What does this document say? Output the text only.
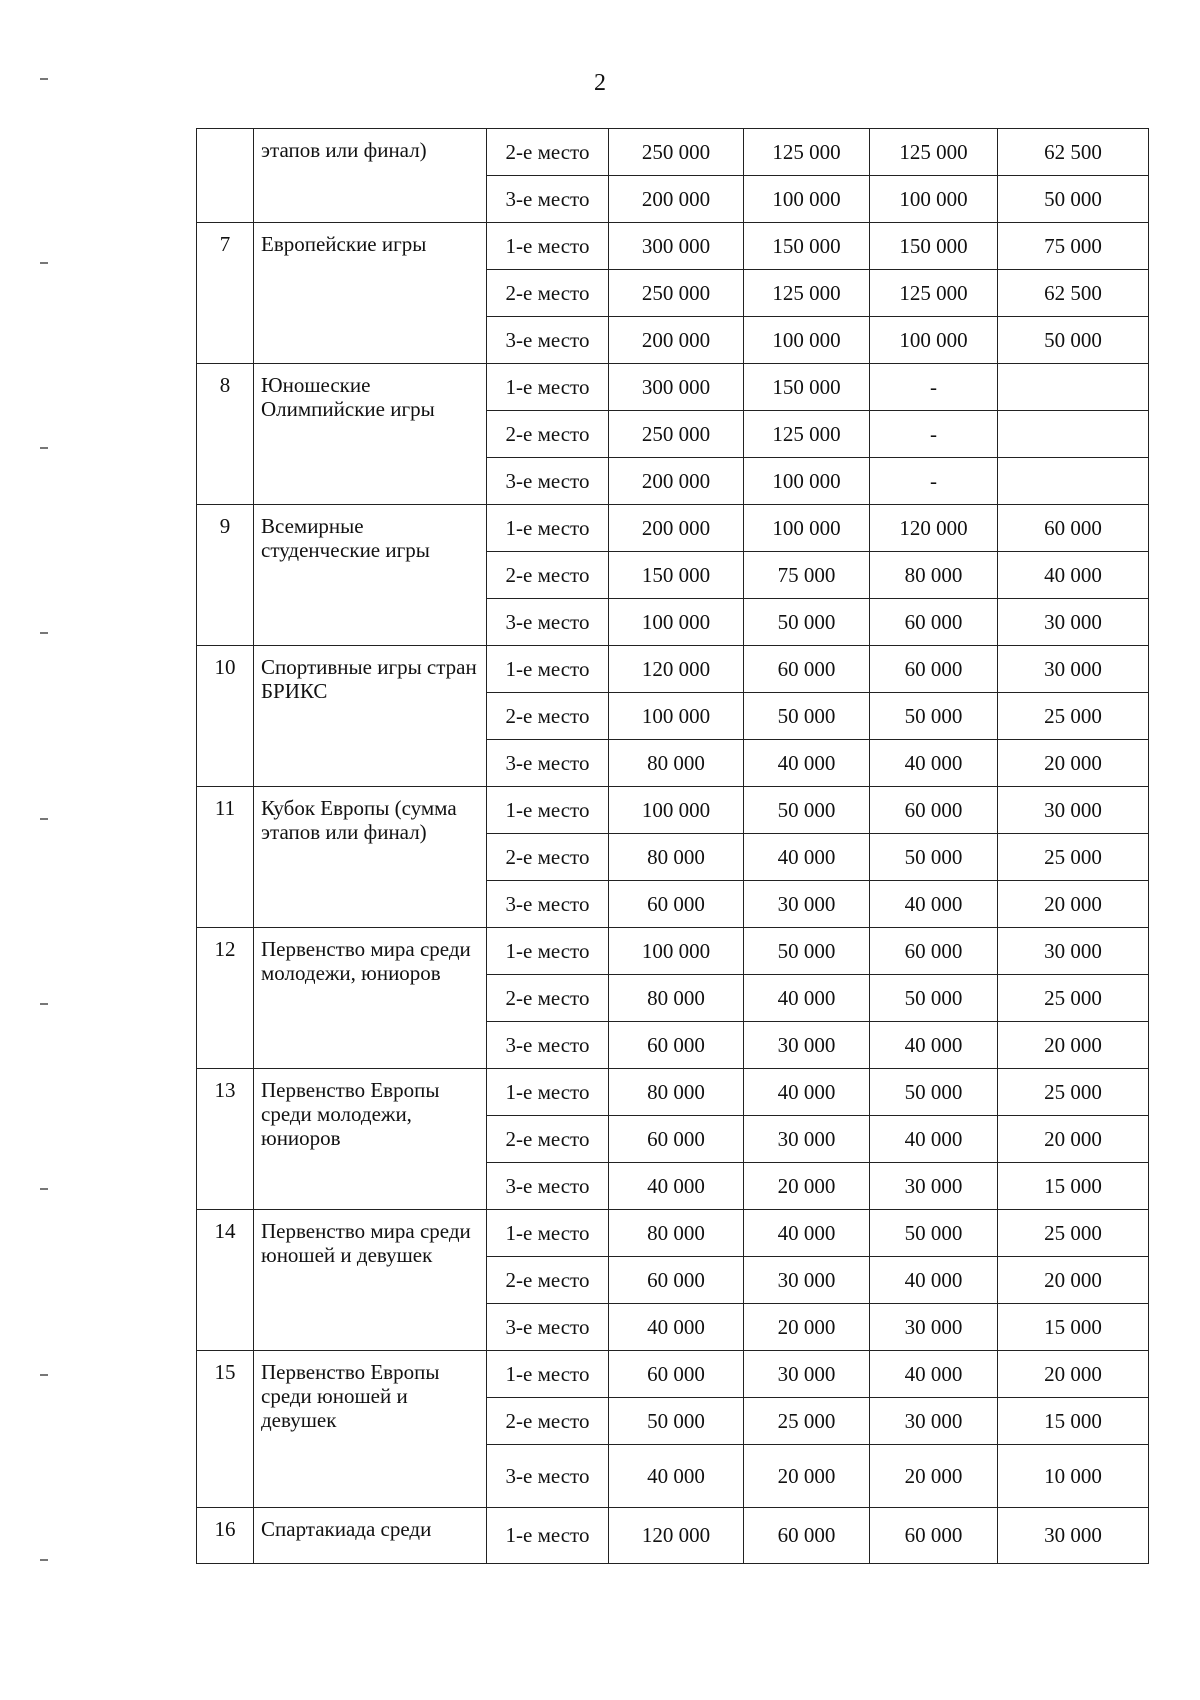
2
	этапов или финал)	2-е место	250 000	125 000	125 000	62 500
		3-е место	200 000	100 000	100 000	50 000
7	Европейские игры	1-е место	300 000	150 000	150 000	75 000
		2-е место	250 000	125 000	125 000	62 500
		3-е место	200 000	100 000	100 000	50 000
8	Юношеские Олимпийские игры	1-е место	300 000	150 000	-	
		2-е место	250 000	125 000	-	
		3-е место	200 000	100 000	-	
9	Всемирные студенческие игры	1-е место	200 000	100 000	120 000	60 000
		2-е место	150 000	75 000	80 000	40 000
		3-е место	100 000	50 000	60 000	30 000
10	Спортивные игры стран БРИКС	1-е место	120 000	60 000	60 000	30 000
		2-е место	100 000	50 000	50 000	25 000
		3-е место	80 000	40 000	40 000	20 000
11	Кубок Европы (сумма этапов или финал)	1-е место	100 000	50 000	60 000	30 000
		2-е место	80 000	40 000	50 000	25 000
		3-е место	60 000	30 000	40 000	20 000
12	Первенство мира среди молодежи, юниоров	1-е место	100 000	50 000	60 000	30 000
		2-е место	80 000	40 000	50 000	25 000
		3-е место	60 000	30 000	40 000	20 000
13	Первенство Европы среди молодежи, юниоров	1-е место	80 000	40 000	50 000	25 000
		2-е место	60 000	30 000	40 000	20 000
		3-е место	40 000	20 000	30 000	15 000
14	Первенство мира среди юношей и девушек	1-е место	80 000	40 000	50 000	25 000
		2-е место	60 000	30 000	40 000	20 000
		3-е место	40 000	20 000	30 000	15 000
15	Первенство Европы среди юношей и девушек	1-е место	60 000	30 000	40 000	20 000
		2-е место	50 000	25 000	30 000	15 000
		3-е место	40 000	20 000	20 000	10 000
16	Спартакиада среди	1-е место	120 000	60 000	60 000	30 000
